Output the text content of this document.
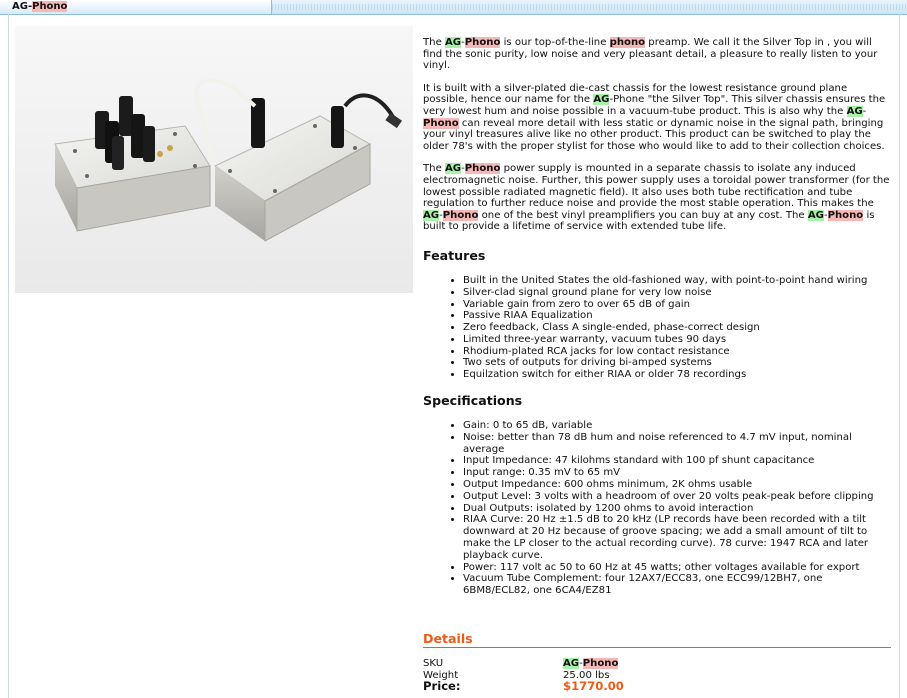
AG-Phono

The AG-Phono is our top-of-the-line phono preamp. We call it the Silver Top in , you will find the sonic purity, low noise and very pleasant detail, a pleasure to really listen to your vinyl.

It is built with a silver-plated die-cast chassis for the lowest resistance ground plane possible, hence our name for the AG-Phone "the Silver Top". This silver chassis ensures the very lowest hum and noise possible in a vacuum-tube product. This is also why the AG-Phono can reveal more detail with less static or dynamic noise in the signal path, bringing your vinyl treasures alive like no other product. This product can be switched to play the older 78's with the proper stylist for those who would like to add to their collection choices.

The AG-Phono power supply is mounted in a separate chassis to isolate any induced electromagnetic noise. Further, this power supply uses a toroidal power transformer (for the lowest possible radiated magnetic field). It also uses both tube rectification and tube regulation to further reduce noise and provide the most stable operation. This makes the AG-Phono one of the best vinyl preamplifiers you can buy at any cost. The AG-Phono is built to provide a lifetime of service with extended tube life.

Features
• Built in the United States the old-fashioned way, with point-to-point hand wiring
• Silver-clad signal ground plane for very low noise
• Variable gain from zero to over 65 dB of gain
• Passive RIAA Equalization
• Zero feedback, Class A single-ended, phase-correct design
• Limited three-year warranty, vacuum tubes 90 days
• Rhodium-plated RCA jacks for low contact resistance
• Two sets of outputs for driving bi-amped systems
• Equilzation switch for either RIAA or older 78 recordings
Specifications
• Gain: 0 to 65 dB, variable
• Noise: better than 78 dB hum and noise referenced to 4.7 mV input, nominal average
• Input Impedance: 47 kilohms standard with 100 pf shunt capacitance
• Input range: 0.35 mV to 65 mV
• Output Impedance: 600 ohms minimum, 2K ohms usable
• Output Level: 3 volts with a headroom of over 20 volts peak-peak before clipping
• Dual Outputs: isolated by 1200 ohms to avoid interaction
• RIAA Curve: 20 Hz ±1.5 dB to 20 kHz (LP records have been recorded with a tilt downward at 20 Hz because of groove spacing; we add a small amount of tilt to make the LP closer to the actual recording curve). 78 curve: 1947 RCA and later playback curve.
• Power: 117 volt ac 50 to 60 Hz at 45 watts; other voltages available for export
• Vacuum Tube Complement: four 12AX7/ECC83, one ECC99/12BH7, one 6BM8/ECL82, one 6CA4/EZ81
Details
SKU	AG-Phono
Weight	25.00 lbs
Price:	$1770.00
